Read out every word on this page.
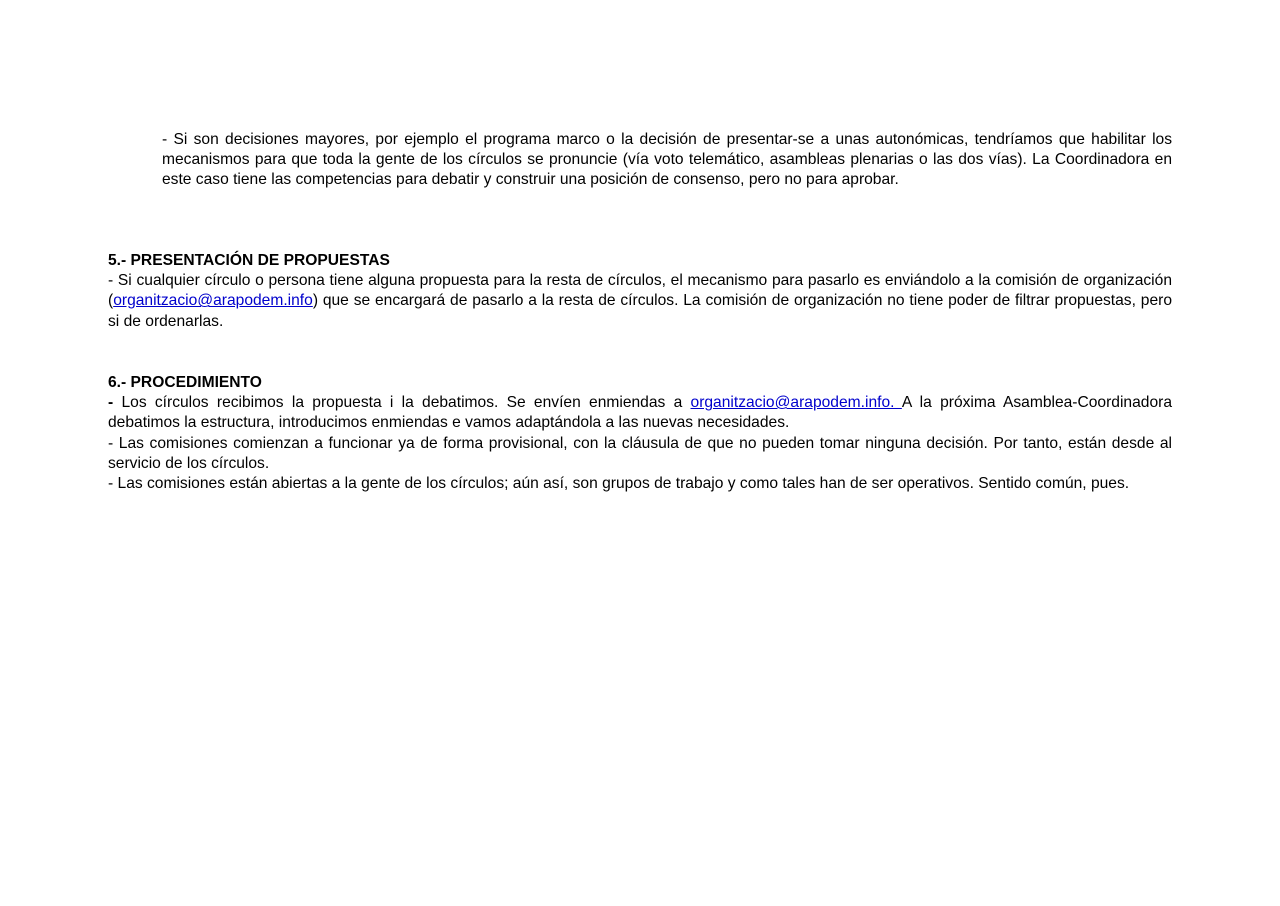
- Si son decisiones mayores, por ejemplo el programa marco o la decisión de presentar-se a unas autonómicas, tendríamos que habilitar los mecanismos para que toda la gente de los círculos se pronuncie (vía voto telemático, asambleas plenarias o las dos vías). La Coordinadora en este caso tiene las competencias para debatir y construir una posición de consenso, pero no para aprobar.

5.- PRESENTACIÓN DE PROPUESTAS

- Si cualquier círculo o persona tiene alguna propuesta para la resta de círculos, el mecanismo para pasarlo es enviándolo a la comisión de organización (organitzacio@arapodem.info) que se encargará de pasarlo a la resta de círculos. La comisión de organización no tiene poder de filtrar propuestas, pero si de ordenarlas.

6.- PROCEDIMIENTO

- Los círculos recibimos la propuesta i la debatimos. Se envíen enmiendas a organitzacio@arapodem.info. A la próxima Asamblea-Coordinadora debatimos la estructura, introducimos enmiendas e vamos adaptándola a las nuevas necesidades.

- Las comisiones comienzan a funcionar ya de forma provisional, con la cláusula de que no pueden tomar ninguna decisión. Por tanto, están desde al servicio de los círculos.

- Las comisiones están abiertas a la gente de los círculos; aún así, son grupos de trabajo y como tales han de ser operativos. Sentido común, pues.
